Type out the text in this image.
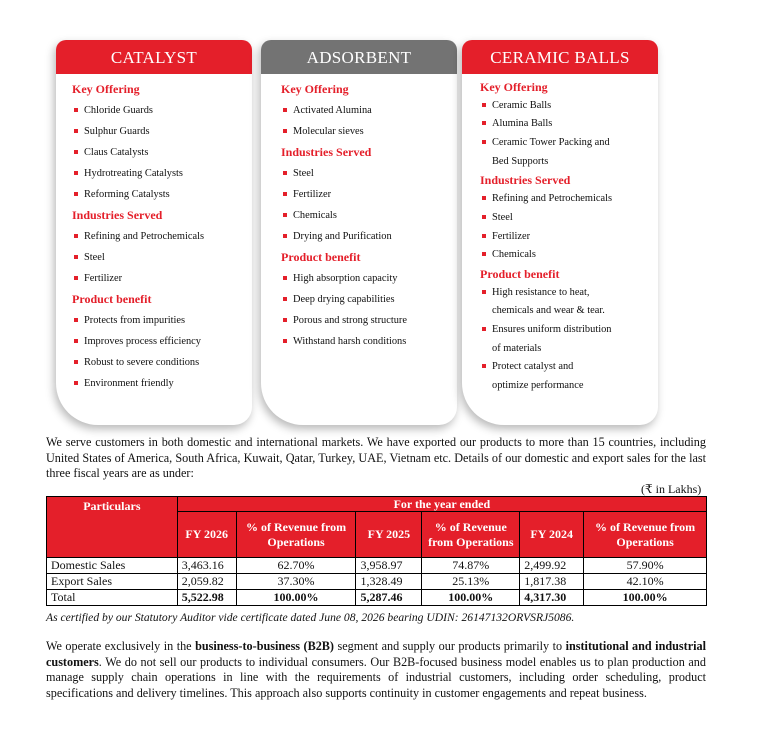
CATALYST
Key Offering
Chloride Guards
Sulphur Guards
Claus Catalysts
Hydrotreating Catalysts
Reforming Catalysts
Industries Served
Refining and Petrochemicals
Steel
Fertilizer
Product benefit
Protects from impurities
Improves process efficiency
Robust to severe conditions
Environment friendly
ADSORBENT
Key Offering
Activated Alumina
Molecular sieves
Industries Served
Steel
Fertilizer
Chemicals
Drying and Purification
Product benefit
High absorption capacity
Deep drying capabilities
Porous and strong structure
Withstand harsh conditions
CERAMIC BALLS
Key Offering
Ceramic Balls
Alumina Balls
Ceramic Tower Packing and
Bed Supports
Industries Served
Refining and Petrochemicals
Steel
Fertilizer
Chemicals
Product benefit
High resistance to heat,
chemicals and wear & tear.
Ensures uniform distribution
of materials
Protect catalyst and
optimize performance
We serve customers in both domestic and international markets. We have exported our products to more than 15 countries, including United States of America, South Africa, Kuwait, Qatar, Turkey, UAE, Vietnam etc. Details of our domestic and export sales for the last three fiscal years are as under:
(₹ in Lakhs)
Particulars	For the year ended					
	FY 2026	% of Revenue from Operations	FY 2025	% of Revenue from Operations	FY 2024	% of Revenue from Operations
Domestic Sales	3,463.16	62.70%	3,958.97	74.87%	2,499.92	57.90%
Export Sales	2,059.82	37.30%	1,328.49	25.13%	1,817.38	42.10%
Total	5,522.98	100.00%	5,287.46	100.00%	4,317.30	100.00%
As certified by our Statutory Auditor vide certificate dated June 08, 2026 bearing UDIN: 26147132ORVSRJ5086.
We operate exclusively in the business-to-business (B2B) segment and supply our products primarily to institutional and industrial customers. We do not sell our products to individual consumers. Our B2B-focused business model enables us to plan production and manage supply chain operations in line with the requirements of industrial customers, including order scheduling, product specifications and delivery timelines. This approach also supports continuity in customer engagements and repeat business.
